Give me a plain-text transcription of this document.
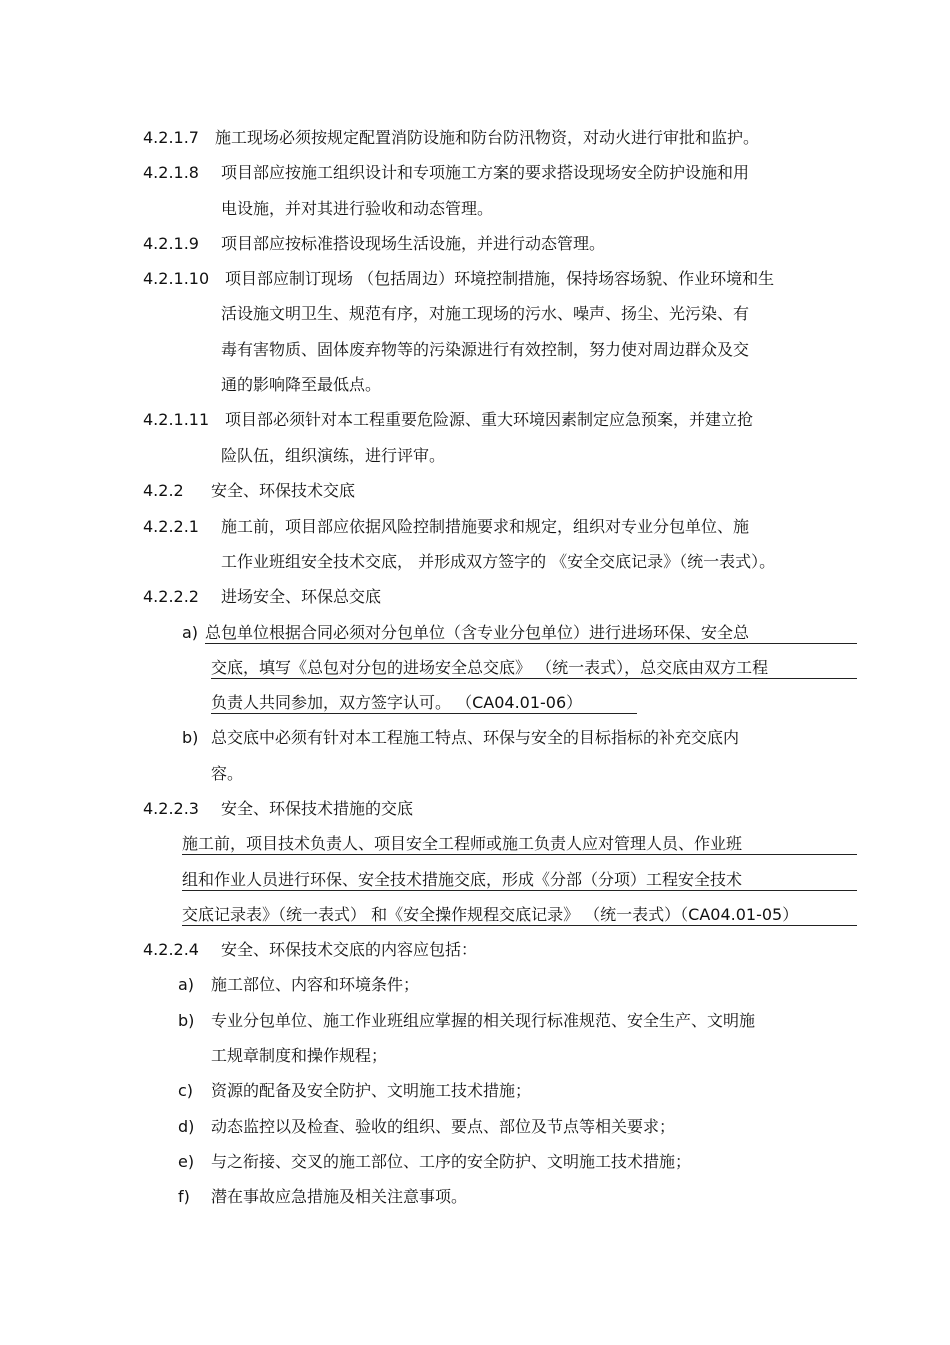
4.2.1.7 施工现场必须按规定配置消防设施和防台防汛物资，对动火进行审批和监护。
4.2.1.8 项目部应按施工组织设计和专项施工方案的要求搭设现场安全防护设施和用
电设施，并对其进行验收和动态管理。
4.2.1.9 项目部应按标准搭设现场生活设施，并进行动态管理。
4.2.1.10 项目部应制订现场 （包括周边）环境控制措施，保持场容场貌、作业环境和生
活设施文明卫生、规范有序，对施工现场的污水、噪声、扬尘、光污染、有
毒有害物质、固体废弃物等的污染源进行有效控制，努力使对周边群众及交
通的影响降至最低点。
4.2.1.11 项目部必须针对本工程重要危险源、重大环境因素制定应急预案，并建立抢
险队伍，组织演练，进行评审。
4.2.2 安全、环保技术交底
4.2.2.1 施工前，项目部应依据风险控制措施要求和规定，组织对专业分包单位、施
工作业班组安全技术交底， 并形成双方签字的 《安全交底记录》（统一表式）。
4.2.2.2 进场安全、环保总交底
a) 总包单位根据合同必须对分包单位（含专业分包单位）进行进场环保、安全总
交底，填写《总包对分包的进场安全总交底》 （统一表式），总交底由双方工程
负责人共同参加，双方签字认可。 （CA04.01-06）
b) 总交底中必须有针对本工程施工特点、环保与安全的目标指标的补充交底内
容。
4.2.2.3 安全、环保技术措施的交底
施工前，项目技术负责人、项目安全工程师或施工负责人应对管理人员、作业班
组和作业人员进行环保、安全技术措施交底，形成《分部（分项）工程安全技术
交底记录表》（统一表式） 和《安全操作规程交底记录》 （统一表式）（CA04.01-05）
4.2.2.4 安全、环保技术交底的内容应包括：
a) 施工部位、内容和环境条件；
b) 专业分包单位、施工作业班组应掌握的相关现行标准规范、安全生产、文明施
工规章制度和操作规程；
c) 资源的配备及安全防护、文明施工技术措施；
d) 动态监控以及检查、验收的组织、要点、部位及节点等相关要求；
e) 与之衔接、交叉的施工部位、工序的安全防护、文明施工技术措施；
f) 潜在事故应急措施及相关注意事项。
